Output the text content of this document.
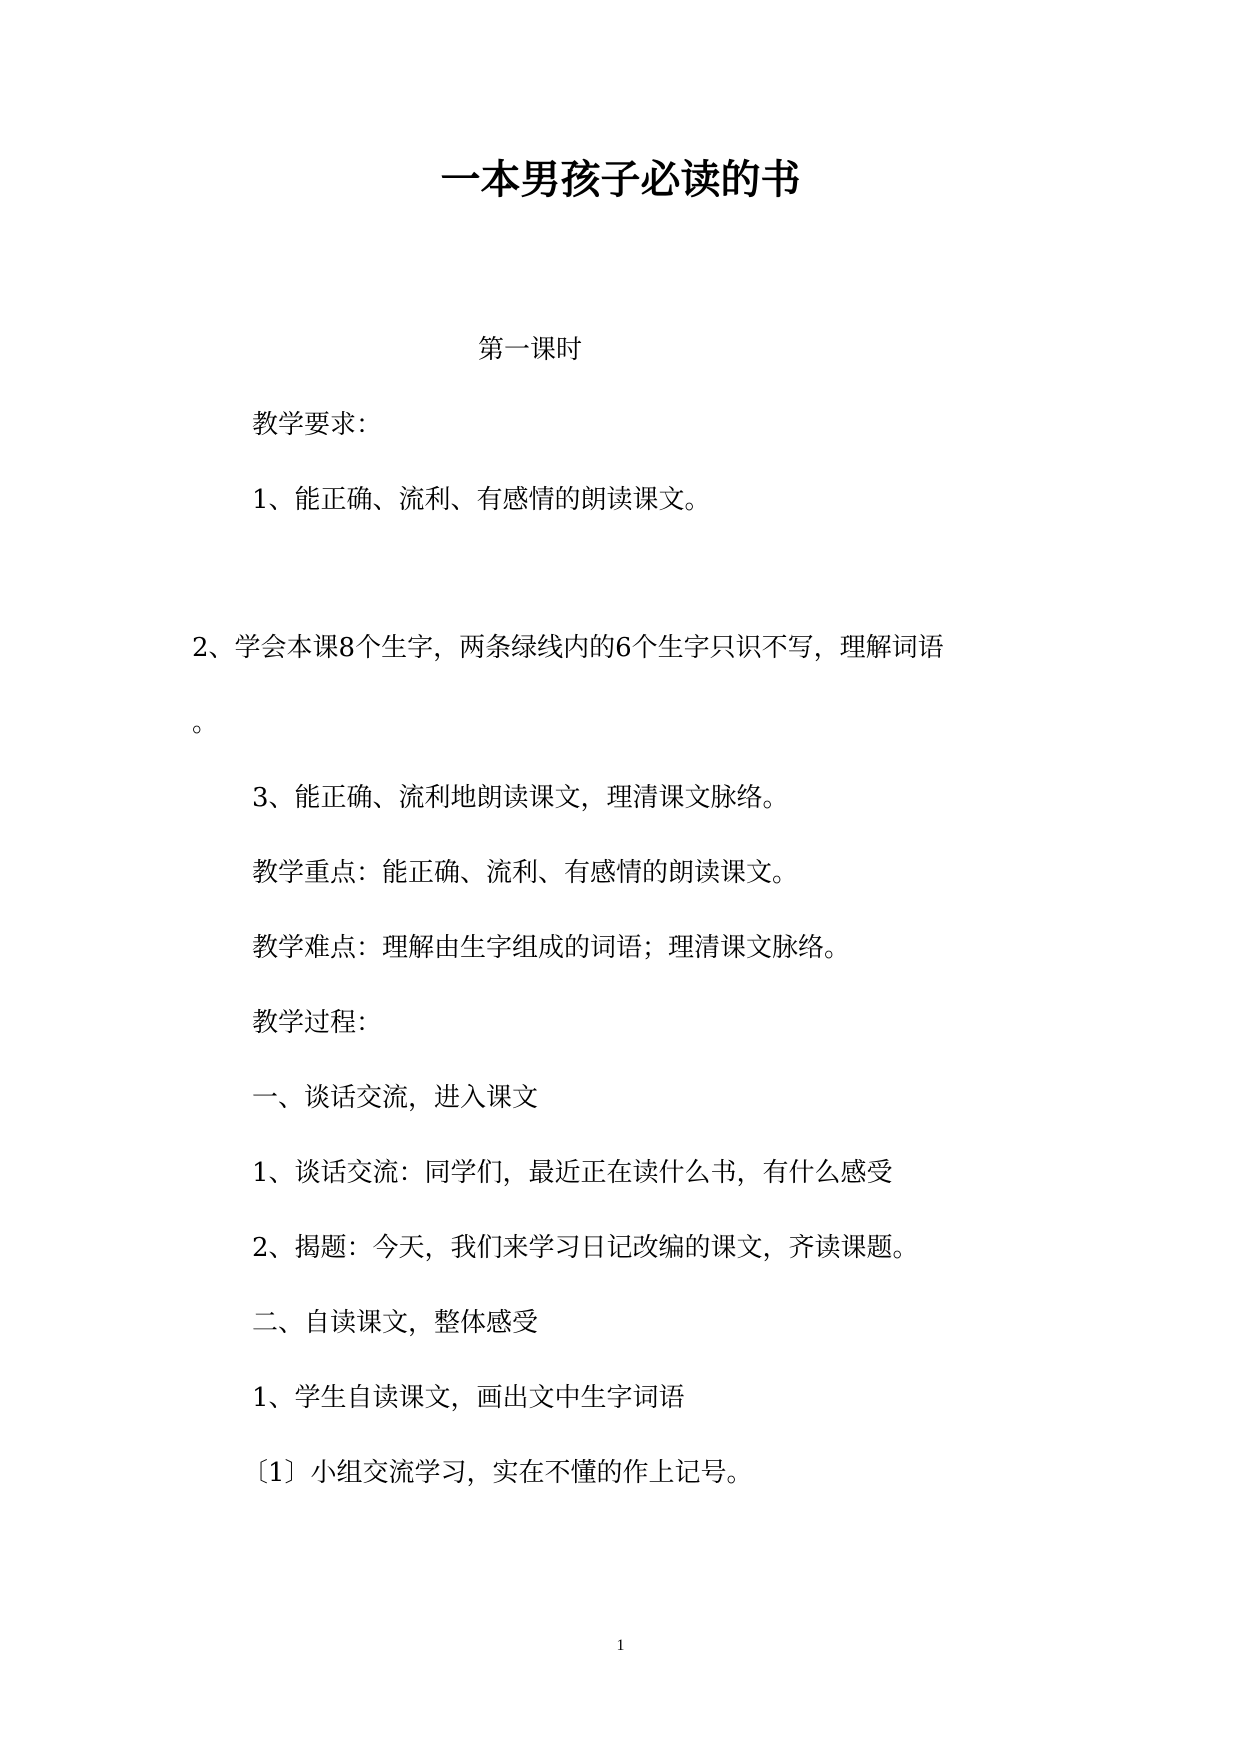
一本男孩子必读的书

第一课时

教学要求：

1、能正确、流利、有感情的朗读课文。

2、学会本课8个生字，两条绿线内的6个生字只识不写，理解词语

。

3、能正确、流利地朗读课文，理清课文脉络。

教学重点：能正确、流利、有感情的朗读课文。

教学难点：理解由生字组成的词语；理清课文脉络。

教学过程：

一、谈话交流，进入课文

1、谈话交流：同学们，最近正在读什么书，有什么感受

2、揭题：今天，我们来学习日记改编的课文，齐读课题。

二、自读课文，整体感受

1、学生自读课文，画出文中生字词语

〔1〕小组交流学习，实在不懂的作上记号。

1
